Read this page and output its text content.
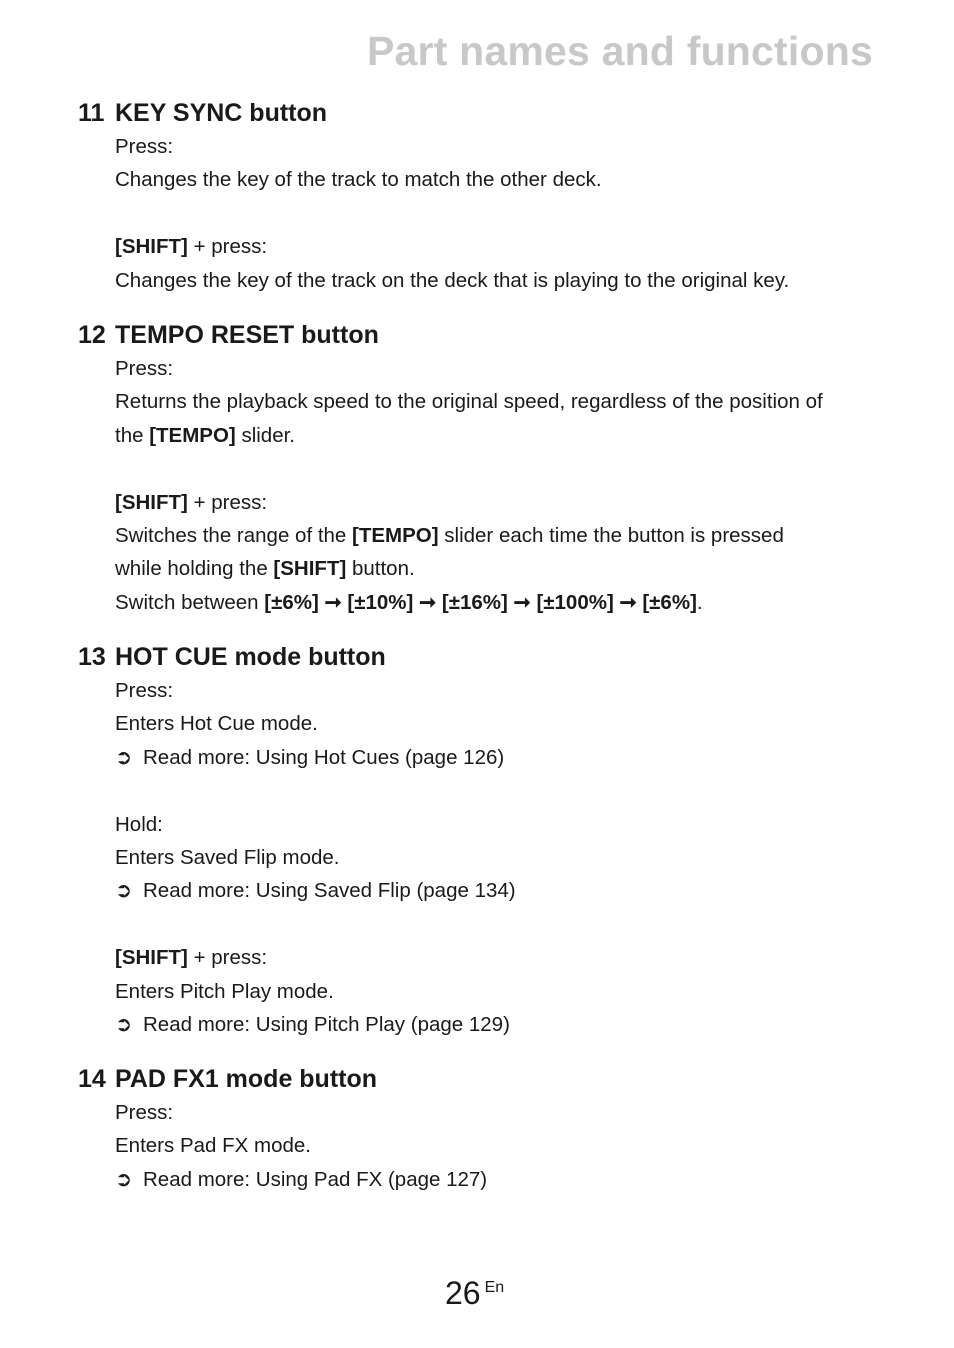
Part names and functions
11 KEY SYNC button

Press:

Changes the key of the track to match the other deck.

[SHIFT] + press:

Changes the key of the track on the deck that is playing to the original key.

12 TEMPO RESET button

Press:

Returns the playback speed to the original speed, regardless of the position of

the [TEMPO] slider.

[SHIFT] + press:

Switches the range of the [TEMPO] slider each time the button is pressed

while holding the [SHIFT] button.

Switch between [±6%] ➞ [±10%] ➞ [±16%] ➞ [±100%] ➞ [±6%].

13 HOT CUE mode button

Press:

Enters Hot Cue mode.

➲ Read more: Using Hot Cues (page 126)

Hold:

Enters Saved Flip mode.

➲ Read more: Using Saved Flip (page 134)

[SHIFT] + press:

Enters Pitch Play mode.

➲ Read more: Using Pitch Play (page 129)

14 PAD FX1 mode button

Press:

Enters Pad FX mode.

➲ Read more: Using Pad FX (page 127)

26 En
